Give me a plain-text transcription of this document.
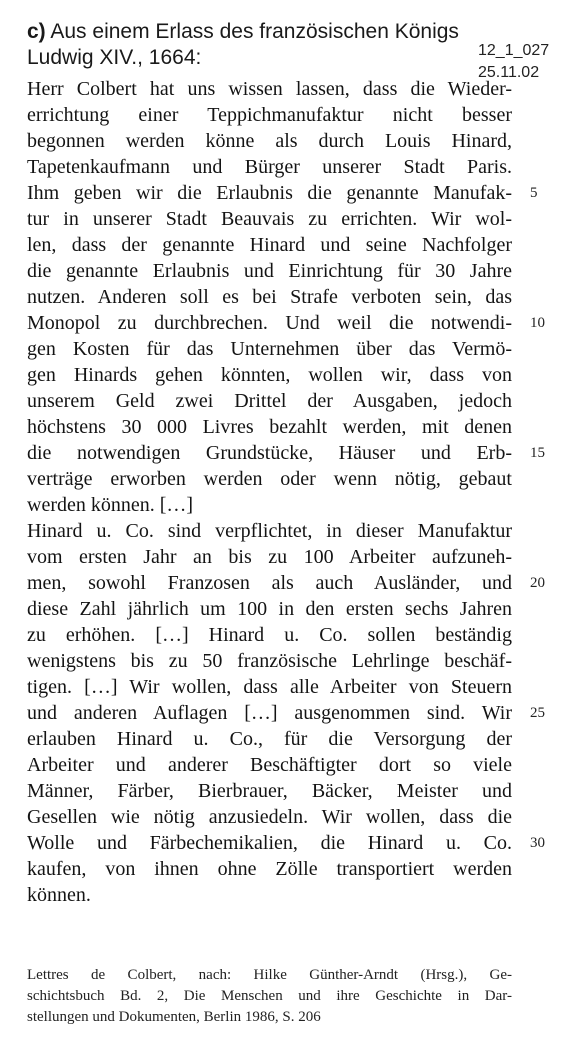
c) Aus einem Erlass des französischen Königs
Ludwig XIV., 1664:	12_1_027
25.11.02
Herr Colbert hat uns wissen lassen, dass die Wieder-
errichtung einer Teppichmanufaktur nicht besser
begonnen werden könne als durch Louis Hinard,
Tapetenkaufmann und Bürger unserer Stadt Paris.
Ihm geben wir die Erlaubnis die genannte Manufak-
tur in unserer Stadt Beauvais zu errichten. Wir wol-
len, dass der genannte Hinard und seine Nachfolger
die genannte Erlaubnis und Einrichtung für 30 Jahre
nutzen. Anderen soll es bei Strafe verboten sein, das
Monopol zu durchbrechen. Und weil die notwendi-
gen Kosten für das Unternehmen über das Vermö-
gen Hinards gehen könnten, wollen wir, dass von
unserem Geld zwei Drittel der Ausgaben, jedoch
höchstens 30 000 Livres bezahlt werden, mit denen
die notwendigen Grundstücke, Häuser und Erb-
verträge erworben werden oder wenn nötig, gebaut
werden können. […]
Hinard u. Co. sind verpflichtet, in dieser Manufaktur
vom ersten Jahr an bis zu 100 Arbeiter aufzuneh-
men, sowohl Franzosen als auch Ausländer, und
diese Zahl jährlich um 100 in den ersten sechs Jahren
zu erhöhen. […] Hinard u. Co. sollen beständig
wenigstens bis zu 50 französische Lehrlinge beschäf-
tigen. […] Wir wollen, dass alle Arbeiter von Steuern
und anderen Auflagen […] ausgenommen sind. Wir
erlauben Hinard u. Co., für die Versorgung der
Arbeiter und anderer Beschäftigter dort so viele
Männer, Färber, Bierbrauer, Bäcker, Meister und
Gesellen wie nötig anzusiedeln. Wir wollen, dass die
Wolle und Färbechemikalien, die Hinard u. Co.
kaufen, von ihnen ohne Zölle transportiert werden
können.
5
10
15
20
25
30
Lettres de Colbert, nach: Hilke Günther-Arndt (Hrsg.), Ge-
schichtsbuch Bd. 2, Die Menschen und ihre Geschichte in Dar-
stellungen und Dokumenten, Berlin 1986, S. 206
